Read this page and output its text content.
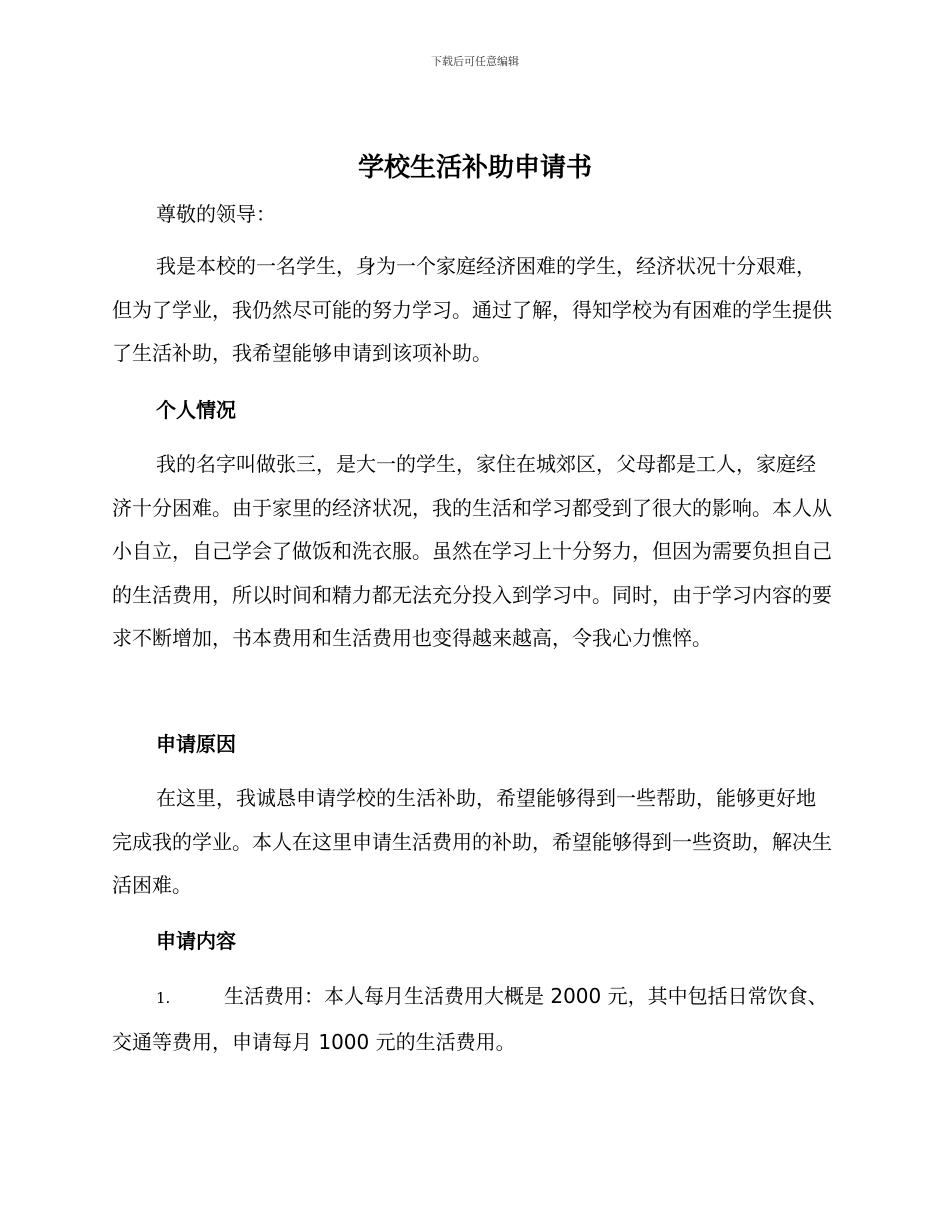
下载后可任意编辑
学校生活补助申请书

尊敬的领导：

我是本校的一名学生，身为一个家庭经济困难的学生，经济状况十分艰难，但为了学业，我仍然尽可能的努力学习。通过了解，得知学校为有困难的学生提供了生活补助，我希望能够申请到该项补助。

个人情况

我的名字叫做张三，是大一的学生，家住在城郊区，父母都是工人，家庭经济十分困难。由于家里的经济状况，我的生活和学习都受到了很大的影响。本人从小自立，自己学会了做饭和洗衣服。虽然在学习上十分努力，但因为需要负担自己的生活费用，所以时间和精力都无法充分投入到学习中。同时，由于学习内容的要求不断增加，书本费用和生活费用也变得越来越高，令我心力憔悴。

申请原因

在这里，我诚恳申请学校的生活补助，希望能够得到一些帮助，能够更好地完成我的学业。本人在这里申请生活费用的补助，希望能够得到一些资助，解决生活困难。

申请内容

1.	生活费用：本人每月生活费用大概是 2000 元，其中包括日常饮食、交通等费用，申请每月 1000 元的生活费用。
